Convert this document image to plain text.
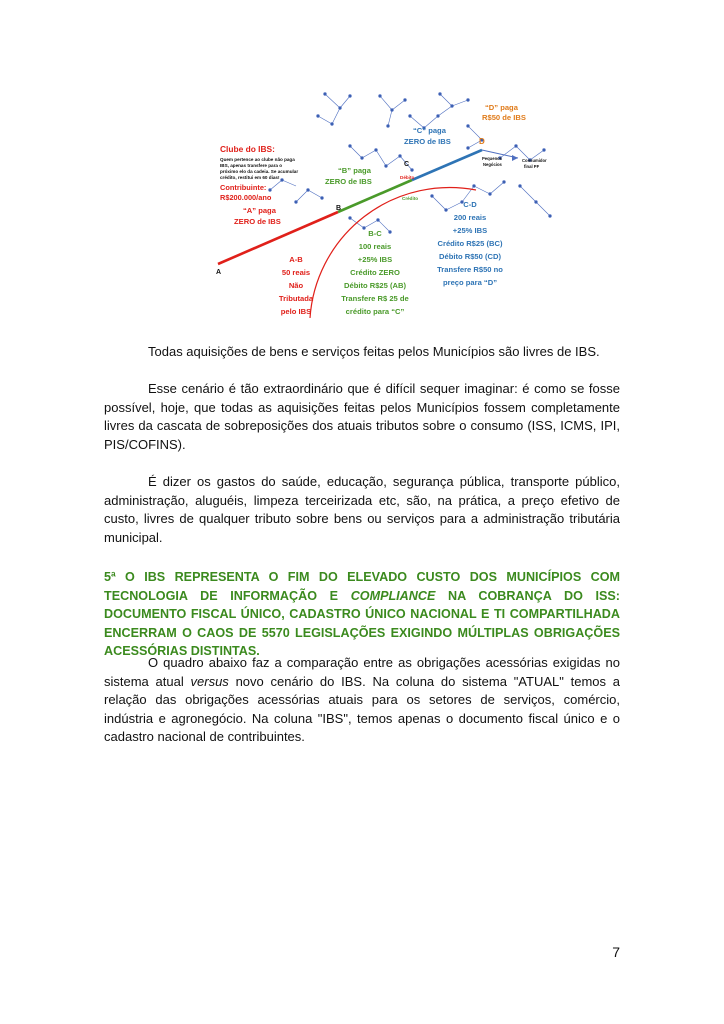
Clube do IBS:
Quem pertence ao clube não paga
IBS, apenas transfere para o
próximo elo da cadeia. Se acumular
crédito, restitui em 60 dias!
Contribuinte:
R$200.000/ano
“D” paga
R$50 de IBS
D
“C” paga
ZERO de IBS
C
Débito
Crédito
Pequenos
Negócios
Consumidor
final PF
“B” paga
ZERO de IBS
B
“A” paga
ZERO de IBS
A
A-B
50 reais
Não
Tributada
pelo IBS
B-C
100 reais
+25% IBS
Crédito ZERO
Débito R$25 (AB)
Transfere R$ 25 de
crédito para “C”
C-D
200 reais
+25% IBS
Crédito R$25 (BC)
Débito R$50 (CD)
Transfere R$50 no
preço para “D”
Todas aquisições de bens e serviços feitas pelos Municípios são livres de IBS.
Esse cenário é tão extraordinário que é difícil sequer imaginar: é como se fosse possível, hoje, que todas as aquisições feitas pelos Municípios fossem completamente livres da cascata de sobreposições dos atuais tributos sobre o consumo (ISS, ICMS, IPI, PIS/COFINS).
É dizer os gastos do saúde, educação, segurança pública, transporte público, administração, aluguéis, limpeza terceirizada etc, são, na prática, a preço efetivo de custo, livres de qualquer tributo sobre bens ou serviços para a administração tributária municipal.
5ª O IBS REPRESENTA O FIM DO ELEVADO CUSTO DOS MUNICÍPIOS COM TECNOLOGIA DE INFORMAÇÃO E COMPLIANCE NA COBRANÇA DO ISS: DOCUMENTO FISCAL ÚNICO, CADASTRO ÚNICO NACIONAL E TI COMPARTILHADA ENCERRAM O CAOS DE 5570 LEGISLAÇÕES EXIGINDO MÚLTIPLAS OBRIGAÇÕES ACESSÓRIAS DISTINTAS.
O quadro abaixo faz a comparação entre as obrigações acessórias exigidas no sistema atual versus novo cenário do IBS. Na coluna do sistema "ATUAL" temos a relação das obrigações acessórias atuais para os setores de serviços, comércio, indústria e agronegócio. Na coluna "IBS", temos apenas o documento fiscal único e o cadastro nacional de contribuintes.
7
